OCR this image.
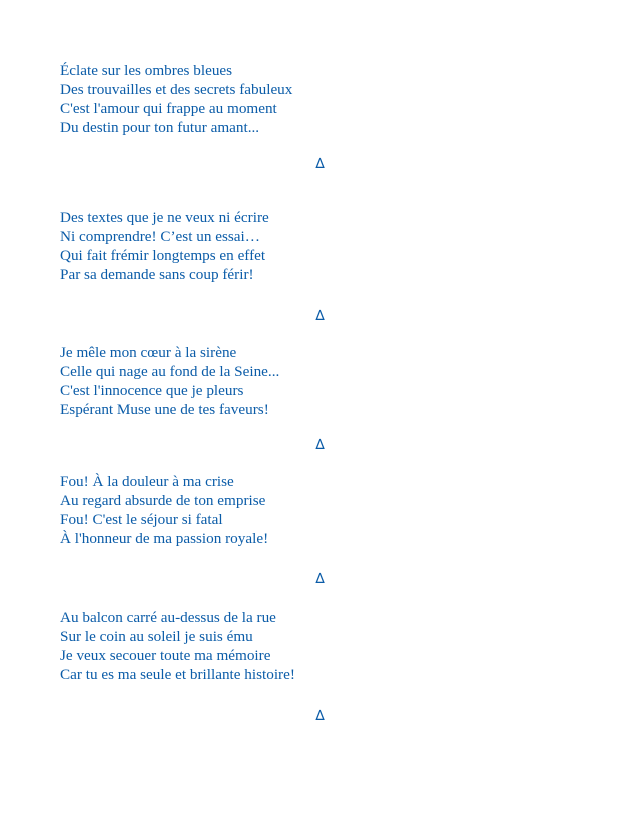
Éclate sur les ombres bleues
Des trouvailles et des secrets fabuleux
C'est l'amour qui frappe au moment
Du destin pour ton futur amant...
∆
Des textes que je ne veux ni écrire
Ni comprendre! C’est un essai…
Qui fait frémir longtemps en effet
Par sa demande sans coup férir!
∆
Je mêle mon cœur à la sirène
Celle qui nage au fond de la Seine...
C'est l'innocence que je pleurs
Espérant Muse une de tes faveurs!
∆
Fou! À la douleur à ma crise
Au regard absurde de ton emprise
Fou! C'est le séjour si fatal
À l'honneur de ma passion royale!
∆
Au balcon carré au-dessus de la rue
Sur le coin au soleil je suis ému
Je veux secouer toute ma mémoire
Car tu es ma seule et brillante histoire!
∆
